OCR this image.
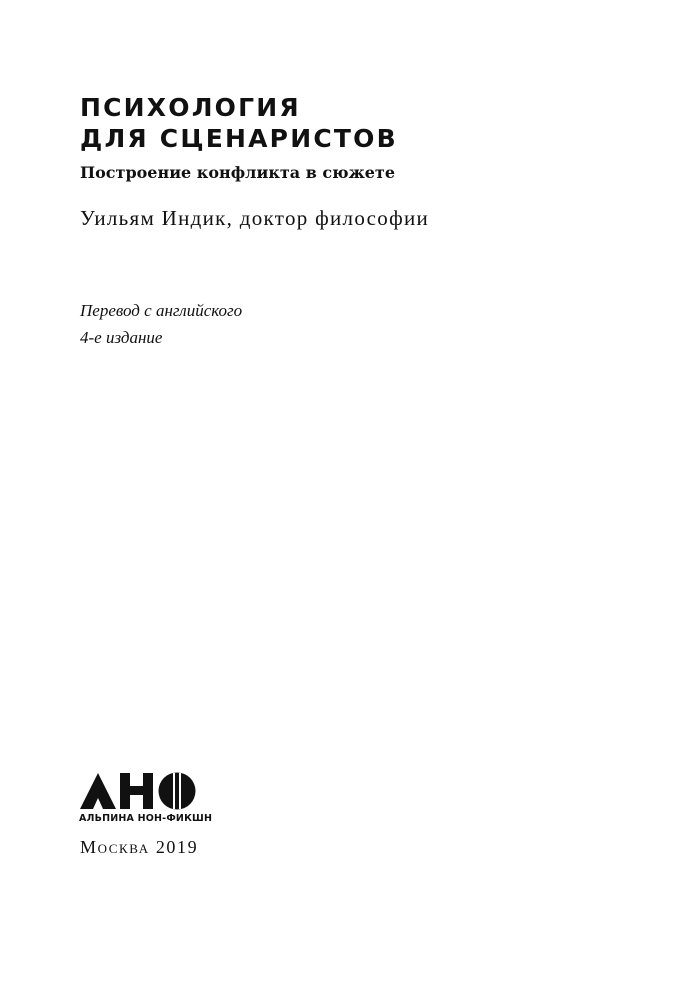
ПСИХОЛОГИЯ
ДЛЯ СЦЕНАРИСТОВ
Построение конфликта в сюжете
Уильям Индик, доктор философии
Перевод с английского
4-е издание
АЛЬПИНА НОН-ФИКШН
Москва 2019
